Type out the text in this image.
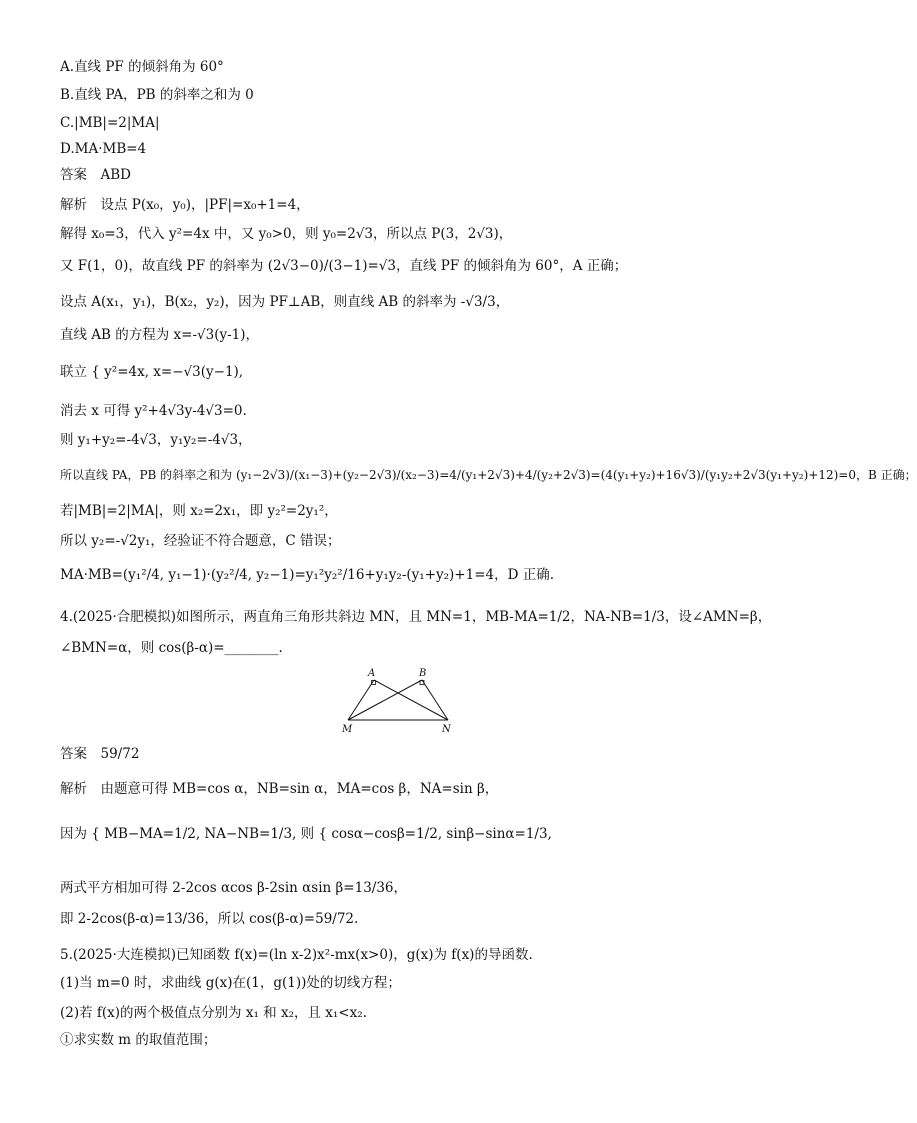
A.直线 PF 的倾斜角为 60°
B.直线 PA，PB 的斜率之和为 0
C.|MB|=2|MA|
D.MA·MB=4
答案　ABD
解析　设点 P(x₀，y₀)，|PF|=x₀+1=4，
解得 x₀=3，代入 y²=4x 中，又 y₀>0，则 y₀=2√3，所以点 P(3，2√3)，
又 F(1，0)，故直线 PF 的斜率为 (2√3−0)/(3−1)=√3，直线 PF 的倾斜角为 60°，A 正确；
设点 A(x₁，y₁)，B(x₂，y₂)，因为 PF⊥AB，则直线 AB 的斜率为 -√3/3，
直线 AB 的方程为 x=-√3(y-1)，
联立 { y²=4x, x=−√3(y−1),
消去 x 可得 y²+4√3y-4√3=0.
则 y₁+y₂=-4√3，y₁y₂=-4√3，
所以直线 PA，PB 的斜率之和为 (y₁−2√3)/(x₁−3)+(y₂−2√3)/(x₂−3)=4/(y₁+2√3)+4/(y₂+2√3)=(4(y₁+y₂)+16√3)/(y₁y₂+2√3(y₁+y₂)+12)=0，B 正确；
若|MB|=2|MA|，则 x₂=2x₁，即 y₂²=2y₁²，
所以 y₂=-√2y₁，经验证不符合题意，C 错误；
MA·MB=(y₁²/4, y₁−1)·(y₂²/4, y₂−1)=y₁²y₂²/16+y₁y₂-(y₁+y₂)+1=4，D 正确.
4.(2025·合肥模拟)如图所示，两直角三角形共斜边 MN，且 MN=1，MB-MA=1/2，NA-NB=1/3，设∠AMN=β，
∠BMN=α，则 cos(β-α)=________.
A	B
M	N
答案　59/72
解析　由题意可得 MB=cos α，NB=sin α，MA=cos β，NA=sin β，
因为 { MB−MA=1/2, NA−NB=1/3, 则 { cosα−cosβ=1/2, sinβ−sinα=1/3,
两式平方相加可得 2-2cos αcos β-2sin αsin β=13/36，
即 2-2cos(β-α)=13/36，所以 cos(β-α)=59/72.
5.(2025·大连模拟)已知函数 f(x)=(ln x-2)x²-mx(x>0)，g(x)为 f(x)的导函数.
(1)当 m=0 时，求曲线 g(x)在(1，g(1))处的切线方程；
(2)若 f(x)的两个极值点分别为 x₁ 和 x₂，且 x₁<x₂.
①求实数 m 的取值范围；
